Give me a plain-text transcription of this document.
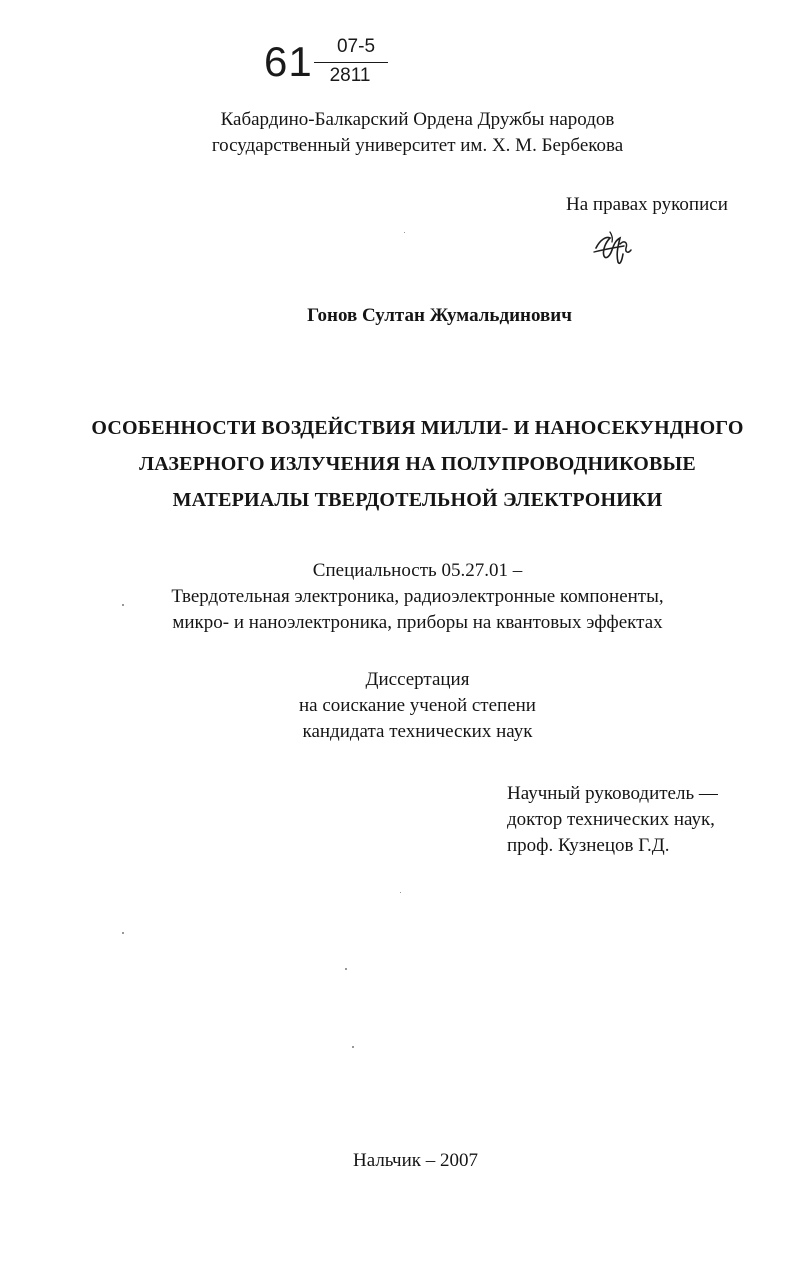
61	07-5
2811
Кабардино-Балкарский Ордена Дружбы народов
государственный университет им. Х. М. Бербекова
На правах рукописи
Гонов Султан Жумальдинович
ОСОБЕННОСТИ ВОЗДЕЙСТВИЯ МИЛЛИ- И НАНОСЕКУНДНОГО
ЛАЗЕРНОГО ИЗЛУЧЕНИЯ НА ПОЛУПРОВОДНИКОВЫЕ
МАТЕРИАЛЫ ТВЕРДОТЕЛЬНОЙ ЭЛЕКТРОНИКИ
Специальность 05.27.01 –
Твердотельная электроника, радиоэлектронные компоненты,
микро- и наноэлектроника, приборы на квантовых эффектах
Диссертация
на соискание ученой степени
кандидата технических наук
Научный руководитель —
доктор технических наук,
проф. Кузнецов Г.Д.
Нальчик – 2007
